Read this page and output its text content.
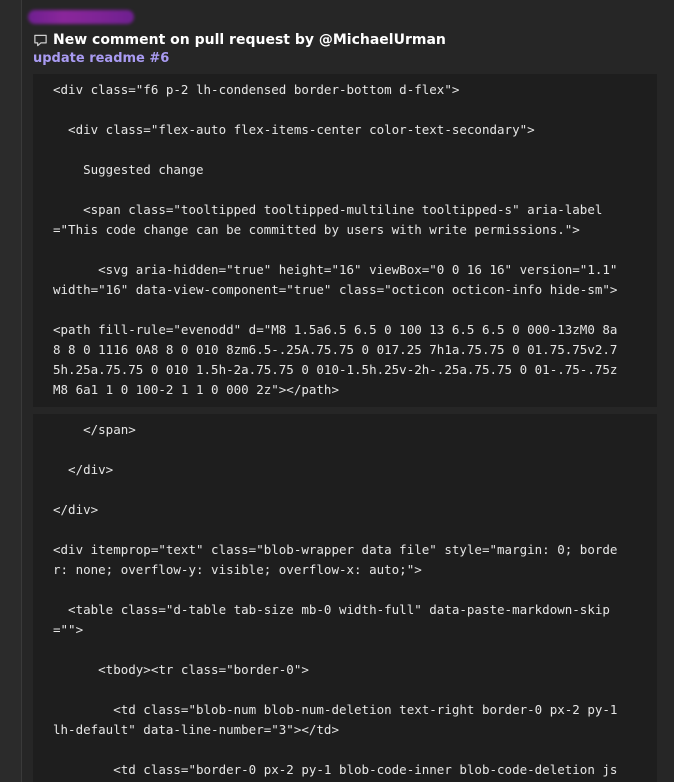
New comment on pull request by @MichaelUrman
update readme #6
<div class="f6 p-2 lh-condensed border-bottom d-flex">
<div class="flex-auto flex-items-center color-text-secondary">
Suggested change
<span class="tooltipped tooltipped-multiline tooltipped-s" aria-label
="This code change can be committed by users with write permissions.">
<svg aria-hidden="true" height="16" viewBox="0 0 16 16" version="1.1"
width="16" data-view-component="true" class="octicon octicon-info hide-sm">
<path fill-rule="evenodd" d="M8 1.5a6.5 6.5 0 100 13 6.5 6.5 0 000-13zM0 8a
8 8 0 1116 0A8 8 0 010 8zm6.5-.25A.75.75 0 017.25 7h1a.75.75 0 01.75.75v2.7
5h.25a.75.75 0 010 1.5h-2a.75.75 0 010-1.5h.25v-2h-.25a.75.75 0 01-.75-.75z
M8 6a1 1 0 100-2 1 1 0 000 2z"></path>
</span>
</div>
</div>
<div itemprop="text" class="blob-wrapper data file" style="margin: 0; borde
r: none; overflow-y: visible; overflow-x: auto;">
<table class="d-table tab-size mb-0 width-full" data-paste-markdown-skip
="">
<tbody><tr class="border-0">
<td class="blob-num blob-num-deletion text-right border-0 px-2 py-1
lh-default" data-line-number="3"></td>
<td class="border-0 px-2 py-1 blob-code-inner blob-code-deletion js
